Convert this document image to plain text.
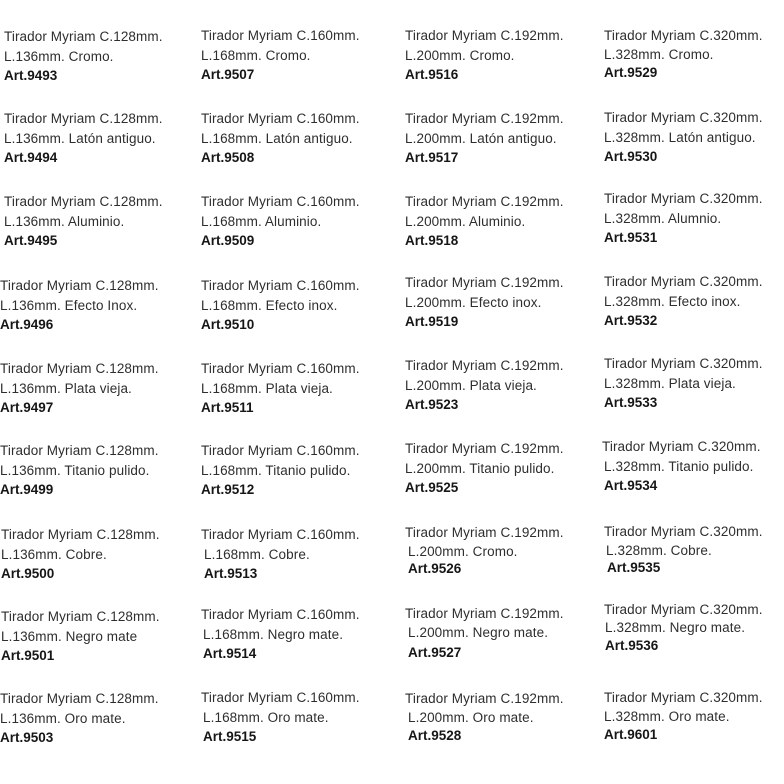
Tirador Myriam C.128mm.
L.136mm. Cromo.
Art.9493
Tirador Myriam C.128mm.
L.136mm. Latón antiguo.
Art.9494
Tirador Myriam C.128mm.
L.136mm. Aluminio.
Art.9495
Tirador Myriam C.128mm.
L.136mm. Efecto Inox.
Art.9496
Tirador Myriam C.128mm.
L.136mm. Plata vieja.
Art.9497
Tirador Myriam C.128mm.
L.136mm. Titanio pulido.
Art.9499
Tirador Myriam C.128mm.
L.136mm. Cobre.
Art.9500
Tirador Myriam C.128mm.
L.136mm. Negro mate
Art.9501
Tirador Myriam C.128mm.
L.136mm. Oro mate.
Art.9503
Tirador Myriam C.160mm.
L.168mm. Cromo.
Art.9507
Tirador Myriam C.160mm.
L.168mm. Latón antiguo.
Art.9508
Tirador Myriam C.160mm.
L.168mm. Aluminio.
Art.9509
Tirador Myriam C.160mm.
L.168mm. Efecto inox.
Art.9510
Tirador Myriam C.160mm.
L.168mm. Plata vieja.
Art.9511
Tirador Myriam C.160mm.
L.168mm. Titanio pulido.
Art.9512
Tirador Myriam C.160mm.
L.168mm. Cobre.
Art.9513
Tirador Myriam C.160mm.
L.168mm. Negro mate.
Art.9514
Tirador Myriam C.160mm.
L.168mm. Oro mate.
Art.9515
Tirador Myriam C.192mm.
L.200mm. Cromo.
Art.9516
Tirador Myriam C.192mm.
L.200mm. Latón antiguo.
Art.9517
Tirador Myriam C.192mm.
L.200mm. Aluminio.
Art.9518
Tirador Myriam C.192mm.
L.200mm. Efecto inox.
Art.9519
Tirador Myriam C.192mm.
L.200mm. Plata vieja.
Art.9523
Tirador Myriam C.192mm.
L.200mm. Titanio pulido.
Art.9525
Tirador Myriam C.192mm.
L.200mm. Cromo.
Art.9526
Tirador Myriam C.192mm.
L.200mm. Negro mate.
Art.9527
Tirador Myriam C.192mm.
L.200mm. Oro mate.
Art.9528
Tirador Myriam C.320mm.
L.328mm. Cromo.
Art.9529
Tirador Myriam C.320mm.
L.328mm. Latón antiguo.
Art.9530
Tirador Myriam C.320mm.
L.328mm. Alumnio.
Art.9531
Tirador Myriam C.320mm.
L.328mm. Efecto inox.
Art.9532
Tirador Myriam C.320mm.
L.328mm. Plata vieja.
Art.9533
Tirador Myriam C.320mm.
L.328mm. Titanio pulido.
Art.9534
Tirador Myriam C.320mm.
L.328mm. Cobre.
Art.9535
Tirador Myriam C.320mm.
L.328mm. Negro mate.
Art.9536
Tirador Myriam C.320mm.
L.328mm. Oro mate.
Art.9601
